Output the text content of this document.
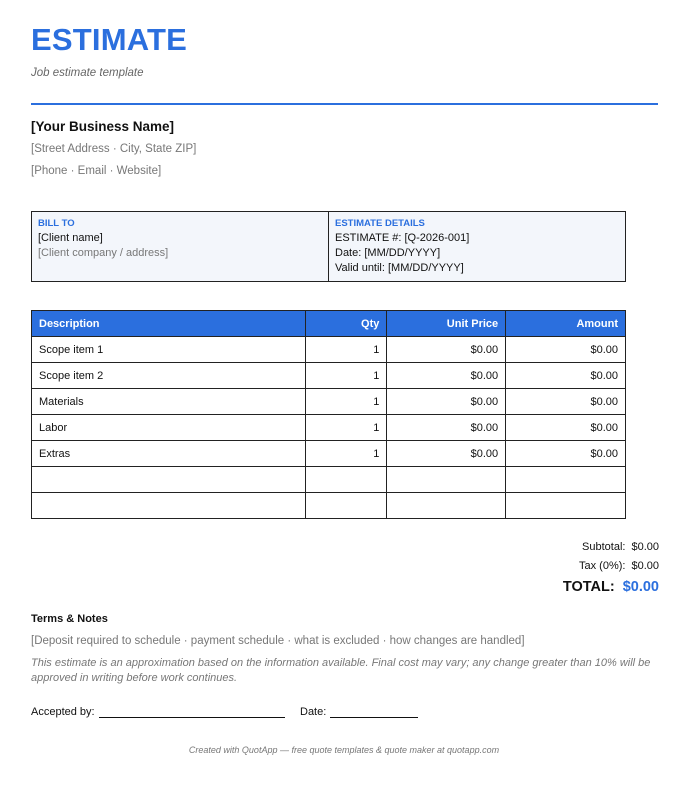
ESTIMATE
Job estimate template
[Your Business Name]
[Street Address · City, State ZIP]
[Phone · Email · Website]
BILL TO
[Client name]
[Client company / address]
ESTIMATE DETAILS
ESTIMATE #: [Q-2026-001]
Date: [MM/DD/YYYY]
Valid until: [MM/DD/YYYY]
Description	Qty	Unit Price	Amount
Scope item 1	1	$0.00	$0.00
Scope item 2	1	$0.00	$0.00
Materials	1	$0.00	$0.00
Labor	1	$0.00	$0.00
Extras	1	$0.00	$0.00

Subtotal: $0.00
Tax (0%): $0.00
TOTAL: $0.00
Terms & Notes
[Deposit required to schedule · payment schedule · what is excluded · how changes are handled]
This estimate is an approximation based on the information available. Final cost may vary; any change greater than 10% will be approved in writing before work continues.
Accepted by:	Date:
Created with QuotApp — free quote templates & quote maker at quotapp.com
